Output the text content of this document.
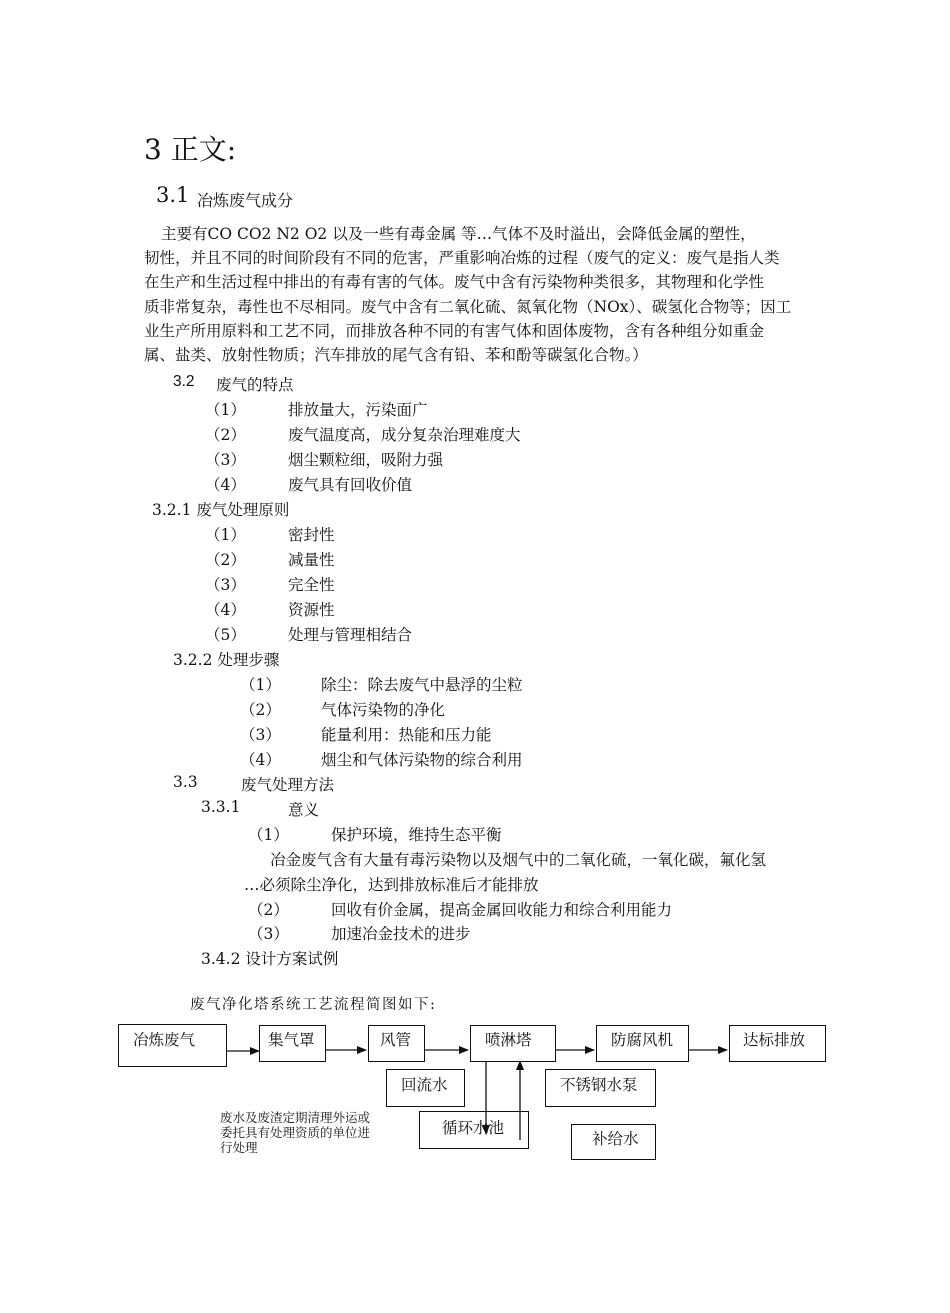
3 正文:
3.1 冶炼废气成分
主要有CO CO2 N2 O2 以及一些有毒金属 等…气体不及时溢出，会降低金属的塑性，
韧性，并且不同的时间阶段有不同的危害，严重影响冶炼的过程（废气的定义：废气是指人类
在生产和生活过程中排出的有毒有害的气体。废气中含有污染物种类很多，其物理和化学性
质非常复杂，毒性也不尽相同。废气中含有二氧化硫、氮氧化物（NOx）、碳氢化合物等；因工
业生产所用原料和工艺不同，而排放各种不同的有害气体和固体废物，含有各种组分如重金
属、盐类、放射性物质；汽车排放的尾气含有铅、苯和酚等碳氢化合物。）
3.2 废气的特点
（1）	排放量大，污染面广
（2）	废气温度高，成分复杂治理难度大
（3）	烟尘颗粒细，吸附力强
（4）	废气具有回收价值
3.2.1 废气处理原则
（1）	密封性
（2）	减量性
（3）	完全性
（4）	资源性
（5）	处理与管理相结合
3.2.2 处理步骤
（1）	除尘：除去废气中悬浮的尘粒
（2）	气体污染物的净化
（3）	能量利用：热能和压力能
（4）	烟尘和气体污染物的综合利用
3.3	废气处理方法
3.3.1	意义
（1）	保护环境，维持生态平衡
冶金废气含有大量有毒污染物以及烟气中的二氧化硫，一氧化碳，氟化氢
…必须除尘净化，达到排放标准后才能排放
（2）	回收有价金属，提高金属回收能力和综合利用能力
（3）	加速冶金技术的进步
3.4.2 设计方案试例
废气净化塔系统工艺流程简图如下:
冶炼废气	集气罩	风管	喷淋塔	防腐风机	达标排放
回流水	不锈钢水泵
循环水池
补给水
废水及废渣定期清理外运或委托具有处理资质的单位进行处理
